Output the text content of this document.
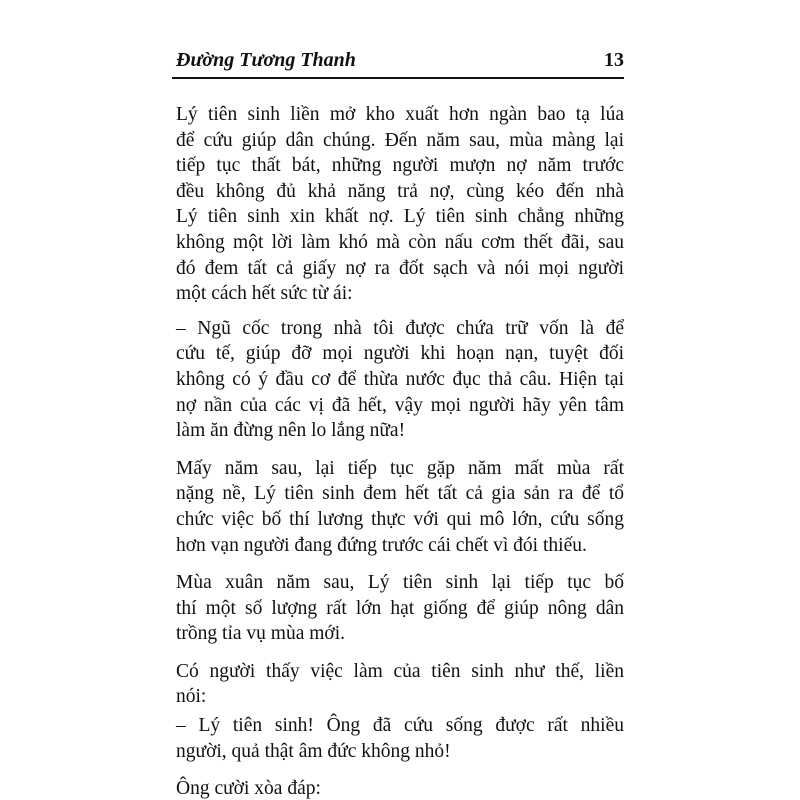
Đường Tương Thanh	13
Lý tiên sinh liền mở kho xuất hơn ngàn bao tạ lúa
để cứu giúp dân chúng. Đến năm sau, mùa màng lại
tiếp tục thất bát, những người mượn nợ năm trước
đều không đủ khả năng trả nợ, cùng kéo đến nhà
Lý tiên sinh xin khất nợ. Lý tiên sinh chẳng những
không một lời làm khó mà còn nấu cơm thết đãi, sau
đó đem tất cả giấy nợ ra đốt sạch và nói mọi người
một cách hết sức từ ái:
– Ngũ cốc trong nhà tôi được chứa trữ vốn là để
cứu tế, giúp đỡ mọi người khi hoạn nạn, tuyệt đối
không có ý đầu cơ để thừa nước đục thả câu. Hiện tại
nợ nần của các vị đã hết, vậy mọi người hãy yên tâm
làm ăn đừng nên lo lắng nữa!
Mấy năm sau, lại tiếp tục gặp năm mất mùa rất
nặng nề, Lý tiên sinh đem hết tất cả gia sản ra để tổ
chức việc bố thí lương thực với qui mô lớn, cứu sống
hơn vạn người đang đứng trước cái chết vì đói thiếu.
Mùa xuân năm sau, Lý tiên sinh lại tiếp tục bố
thí một số lượng rất lớn hạt giống để giúp nông dân
trồng tỉa vụ mùa mới.
Có người thấy việc làm của tiên sinh như thế, liền
nói:
– Lý tiên sinh! Ông đã cứu sống được rất nhiều
người, quả thật âm đức không nhỏ!
Ông cười xòa đáp:
